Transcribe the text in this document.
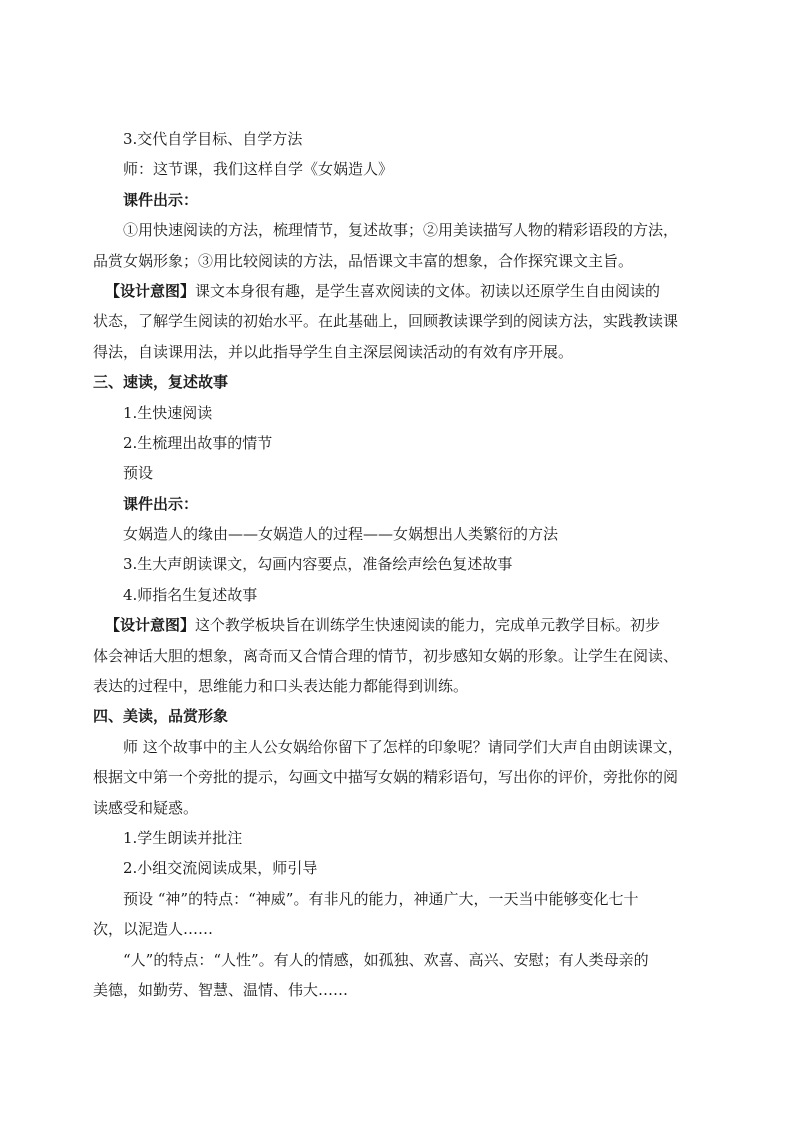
3.交代自学目标、自学方法
师：这节课，我们这样自学《女娲造人》
课件出示：
①用快速阅读的方法，梳理情节，复述故事；②用美读描写人物的精彩语段的方法，
品赏女娲形象；③用比较阅读的方法，品悟课文丰富的想象，合作探究课文主旨。
【设计意图】课文本身很有趣，是学生喜欢阅读的文体。初读以还原学生自由阅读的
状态，了解学生阅读的初始水平。在此基础上，回顾教读课学到的阅读方法，实践教读课
得法，自读课用法，并以此指导学生自主深层阅读活动的有效有序开展。
三、速读，复述故事
1.生快速阅读
2.生梳理出故事的情节
预设
课件出示：
女娲造人的缘由——女娲造人的过程——女娲想出人类繁衍的方法
3.生大声朗读课文，勾画内容要点，准备绘声绘色复述故事
4.师指名生复述故事
【设计意图】这个教学板块旨在训练学生快速阅读的能力，完成单元教学目标。初步
体会神话大胆的想象，离奇而又合情合理的情节，初步感知女娲的形象。让学生在阅读、
表达的过程中，思维能力和口头表达能力都能得到训练。
四、美读，品赏形象
师 这个故事中的主人公女娲给你留下了怎样的印象呢？请同学们大声自由朗读课文，
根据文中第一个旁批的提示，勾画文中描写女娲的精彩语句，写出你的评价，旁批你的阅
读感受和疑惑。
1.学生朗读并批注
2.小组交流阅读成果，师引导
预设 “神”的特点：“神威”。有非凡的能力，神通广大，一天当中能够变化七十
次，以泥造人……
“人”的特点：“人性”。有人的情感，如孤独、欢喜、高兴、安慰；有人类母亲的
美德，如勤劳、智慧、温情、伟大……
